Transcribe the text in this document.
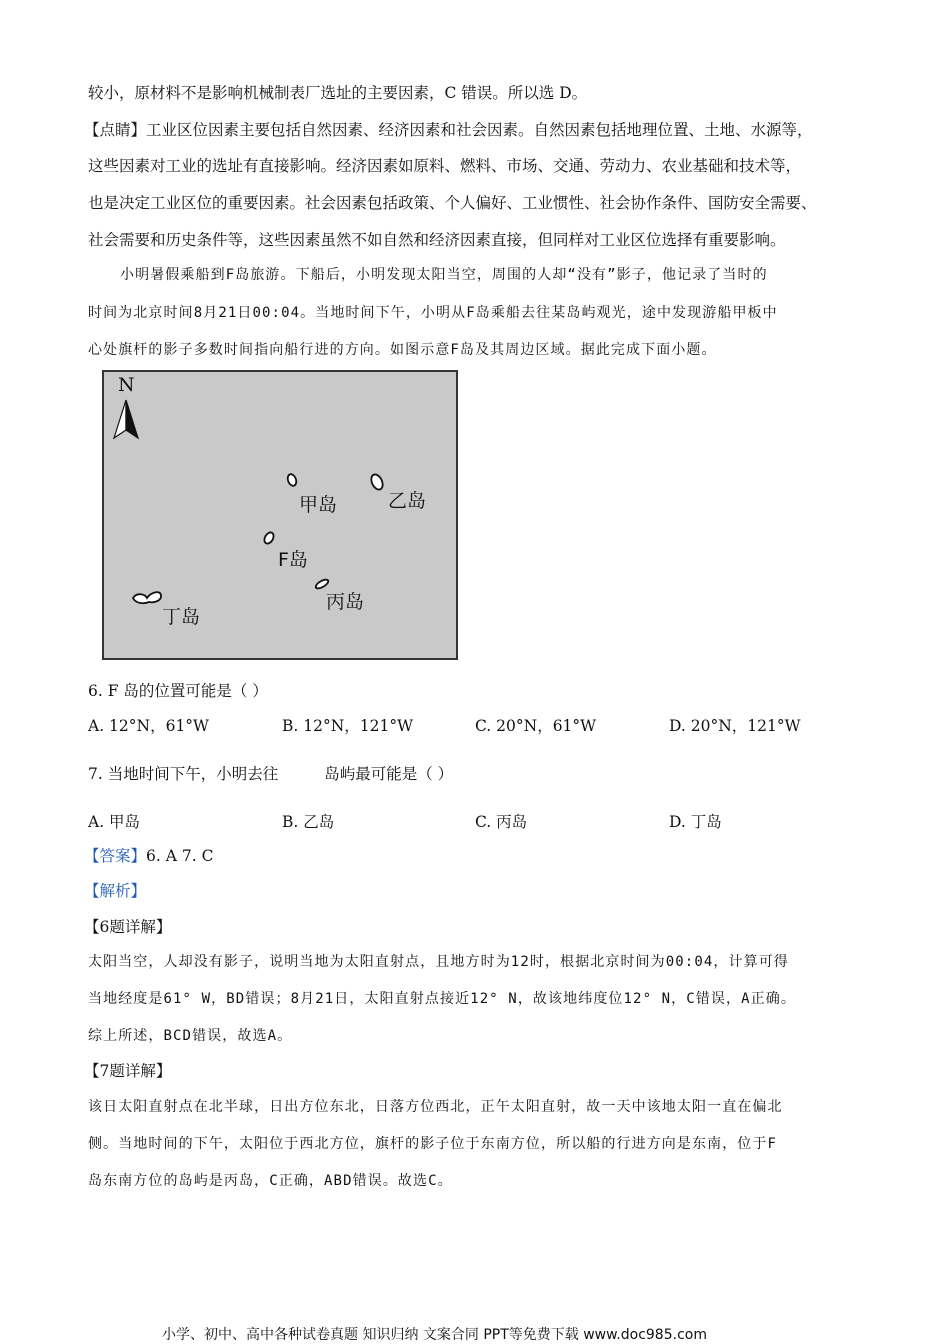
较小，原材料不是影响机械制表厂选址的主要因素，C 错误。所以选 D。
【点睛】工业区位因素主要包括自然因素、经济因素和社会因素。自然因素包括地理位置、土地、水源等，
这些因素对工业的选址有直接影响。经济因素如原料、燃料、市场、交通、劳动力、农业基础和技术等，
也是决定工业区位的重要因素。社会因素包括政策、个人偏好、工业惯性、社会协作条件、国防安全需要、
社会需要和历史条件等，这些因素虽然不如自然和经济因素直接，但同样对工业区位选择有重要影响。
小明暑假乘船到F岛旅游。下船后，小明发现太阳当空，周围的人却“没有”影子，他记录了当时的
时间为北京时间8月21日00:04。当地时间下午，小明从F岛乘船去往某岛屿观光，途中发现游船甲板中
心处旗杆的影子多数时间指向船行进的方向。如图示意F岛及其周边区域。据此完成下面小题。
N
甲岛	乙岛
F岛
丙岛
丁岛
6. F 岛的位置可能是（ ）
A. 12°N，61°W	B. 12°N，121°W	C. 20°N，61°W	D. 20°N，121°W
7. 当地时间下午，小明去往	岛屿最可能是（ ）
A. 甲岛	B. 乙岛	C. 丙岛	D. 丁岛
【答案】6. A 7. C
【解析】
【6题详解】
太阳当空，人却没有影子，说明当地为太阳直射点，且地方时为12时，根据北京时间为00:04，计算可得
当地经度是61° W，BD错误；8月21日，太阳直射点接近12° N，故该地纬度位12° N，C错误，A正确。
综上所述，BCD错误，故选A。
【7题详解】
该日太阳直射点在北半球，日出方位东北，日落方位西北，正午太阳直射，故一天中该地太阳一直在偏北
侧。当地时间的下午，太阳位于西北方位，旗杆的影子位于东南方位，所以船的行进方向是东南，位于F
岛东南方位的岛屿是丙岛，C正确，ABD错误。故选C。
小学、初中、高中各种试卷真题 知识归纳 文案合同 PPT等免费下载 www.doc985.com
